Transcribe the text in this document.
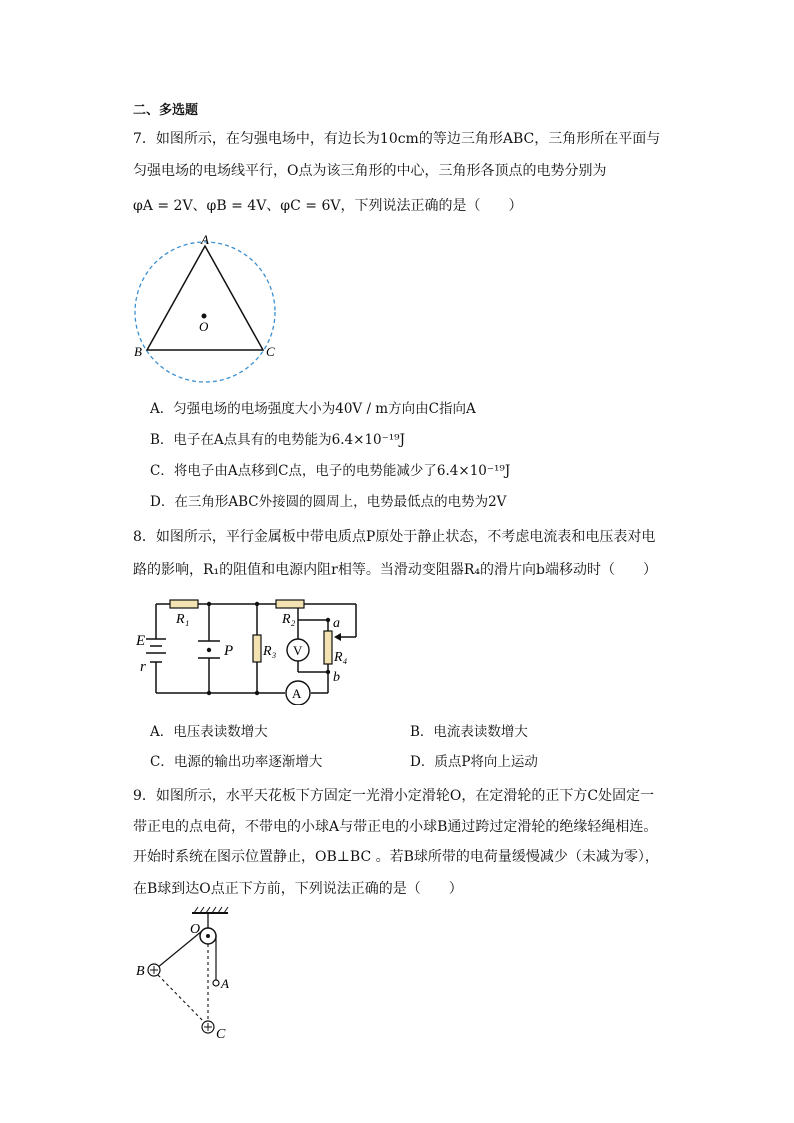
二、多选题
7．如图所示，在匀强电场中，有边长为10cm的等边三角形ABC，三角形所在平面与
匀强电场的电场线平行，O点为该三角形的中心，三角形各顶点的电势分别为
φA = 2V、φB = 4V、φC = 6V，下列说法正确的是（　　）
A
B	C
O
A．匀强电场的电场强度大小为40V / m方向由C指向A
B．电子在A点具有的电势能为6.4×10⁻¹⁹J
C．将电子由A点移到C点，电子的电势能减少了6.4×10⁻¹⁹J
D．在三角形ABC外接圆的圆周上，电势最低点的电势为2V
8．如图所示，平行金属板中带电质点P原处于静止状态，不考虑电流表和电压表对电
路的影响，R₁的阻值和电源内阻r相等。当滑动变阻器R₄的滑片向b端移动时（　　）
E
r
R₁
P R₃
R₂
V
a
R₄
b
A
A．电压表读数增大	B．电流表读数增大
C．电源的输出功率逐渐增大	D．质点P将向上运动
9．如图所示，水平天花板下方固定一光滑小定滑轮O，在定滑轮的正下方C处固定一
带正电的点电荷，不带电的小球A与带正电的小球B通过跨过定滑轮的绝缘轻绳相连。
开始时系统在图示位置静止，OB⊥BC 。若B球所带的电荷量缓慢减少（未减为零），
在B球到达O点正下方前，下列说法正确的是（　　）
O
A
B
C
